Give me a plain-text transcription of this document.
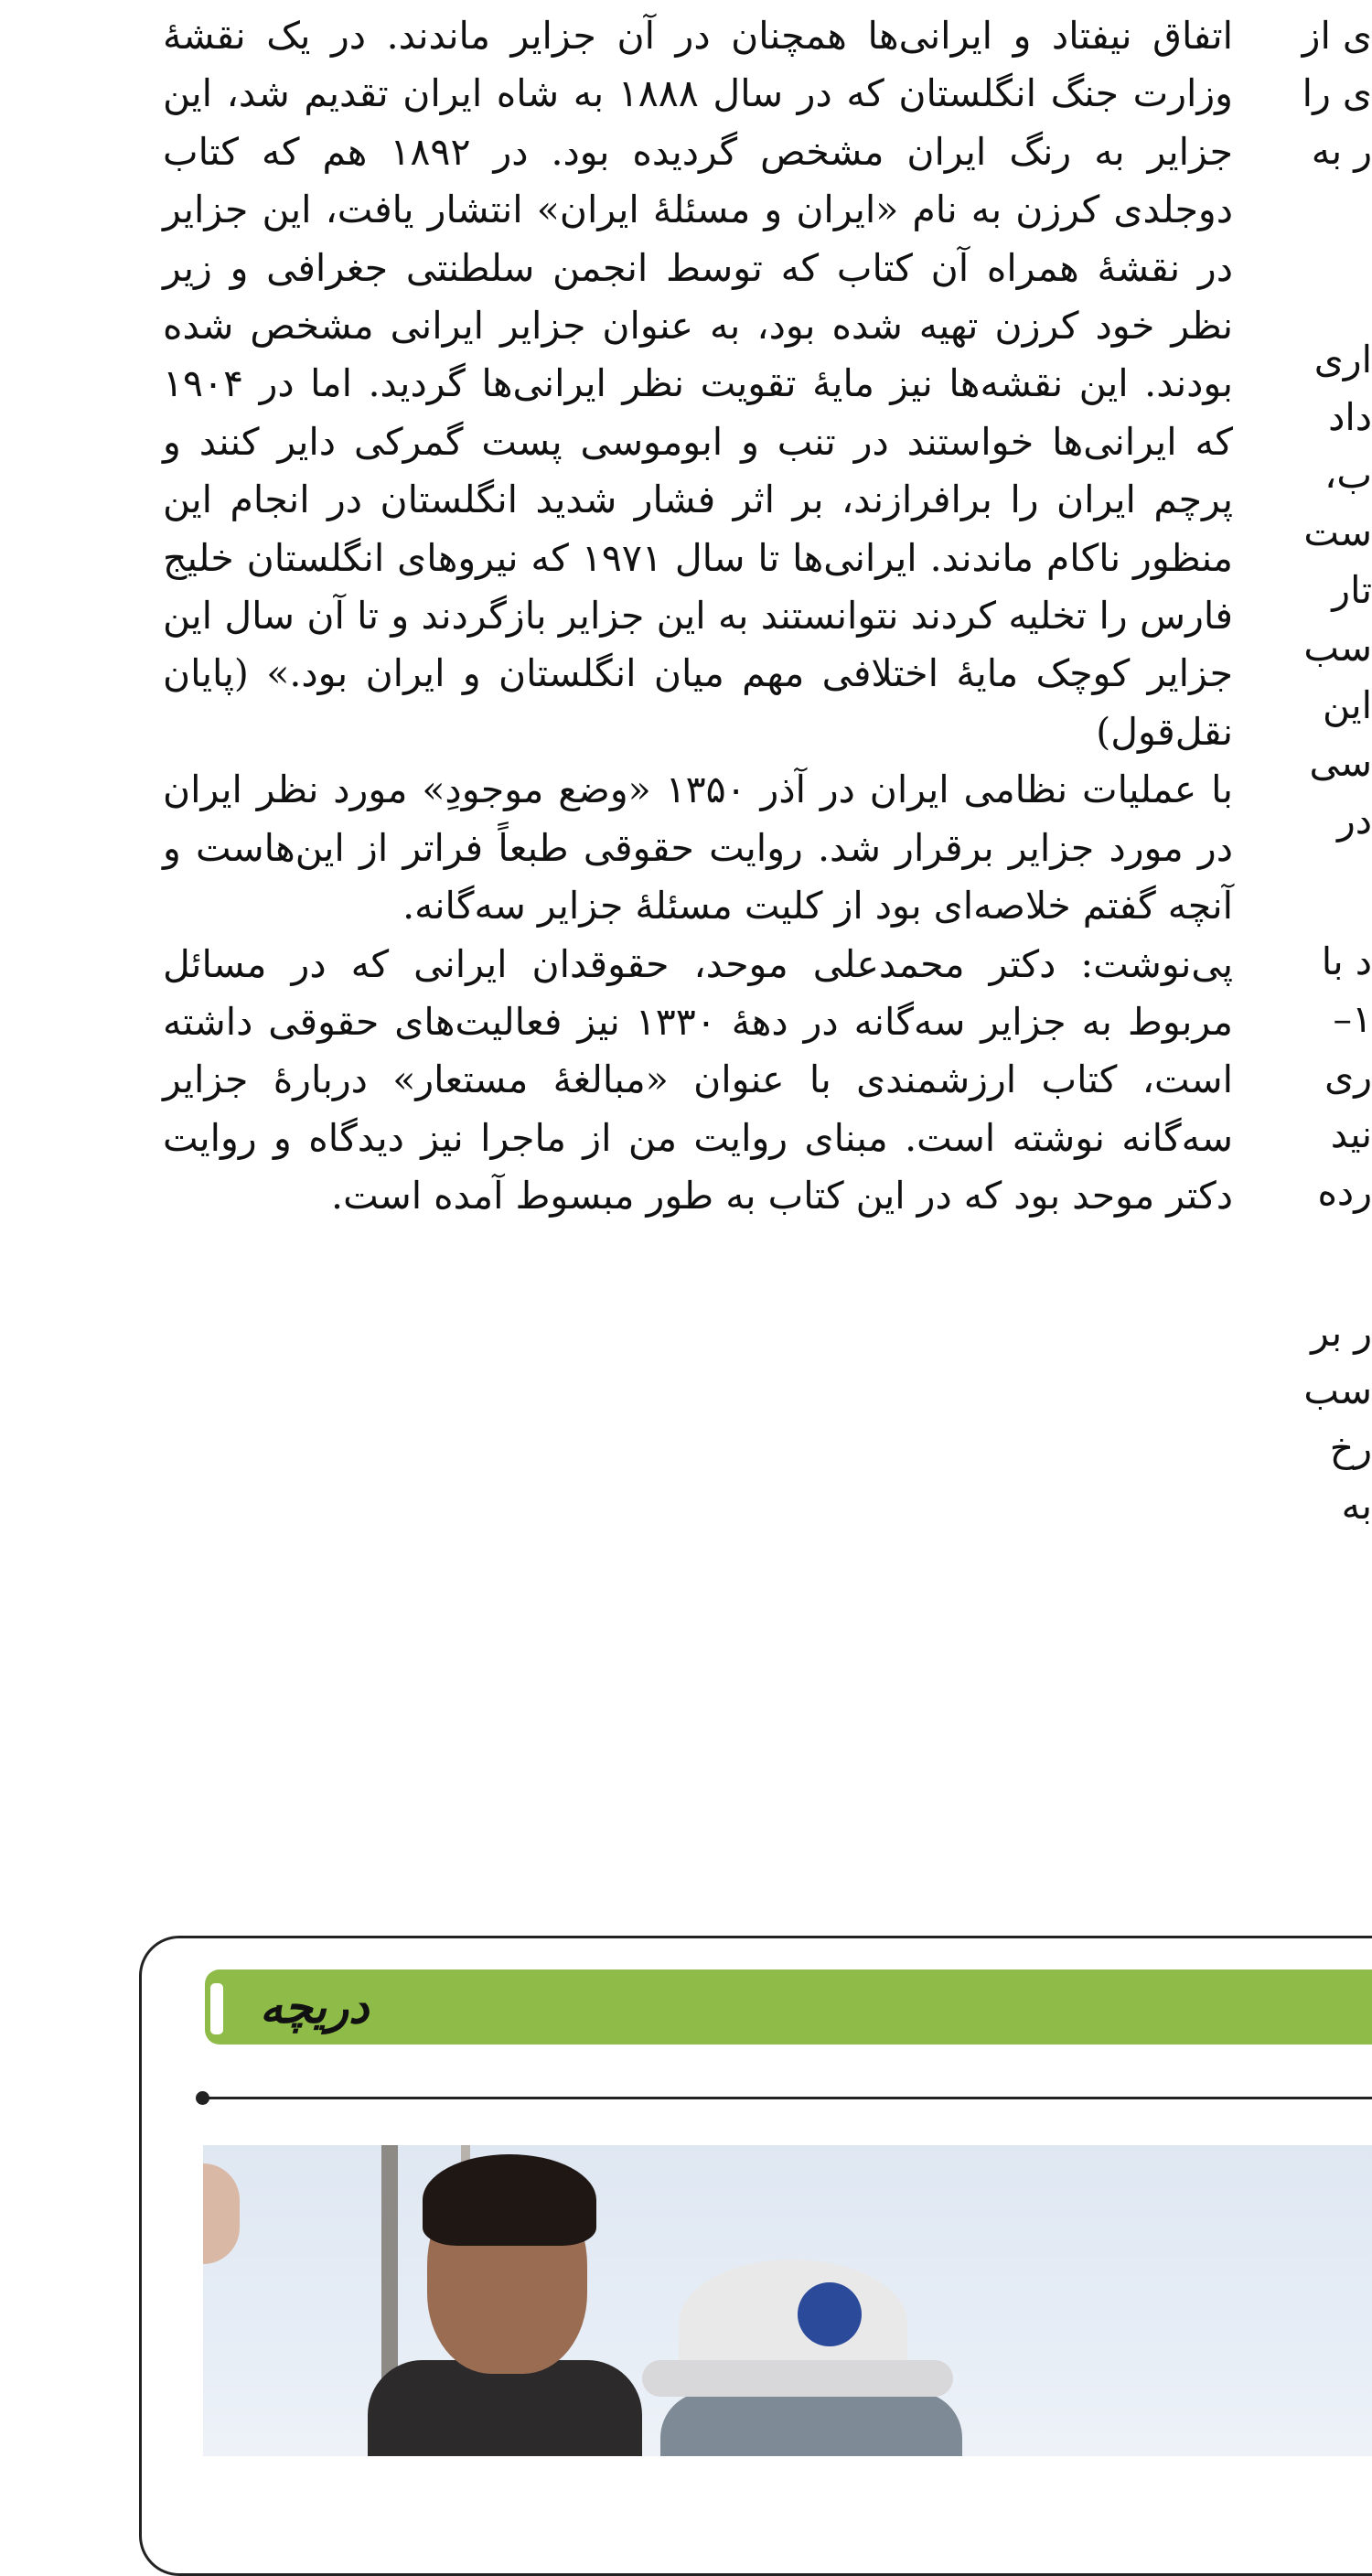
اتفاق نیفتاد و ایرانی‌ها همچنان در آن جزایر ماندند. در یک نقشهٔ وزارت جنگ انگلستان که در سال ۱۸۸۸ به شاه ایران تقدیم شد، این جزایر به رنگ ایران مشخص گردیده بود. در ۱۸۹۲ هم که کتاب دوجلدی کرزن به نام «ایران و مسئلهٔ ایران» انتشار یافت، این جزایر در نقشهٔ همراه آن کتاب که توسط انجمن سلطنتی جغرافی و زیر نظر خود کرزن تهیه شده بود، به عنوان جزایر ایرانی مشخص شده بودند. این نقشه‌ها نیز مایهٔ تقویت نظر ایرانی‌ها گردید. اما در ۱۹۰۴ که ایرانی‌ها خواستند در تنب و ابوموسی پست گمرکی دایر کنند و پرچم ایران را برافرازند، بر اثر فشار شدید انگلستان در انجام این منظور ناکام ماندند. ایرانی‌ها تا سال ۱۹۷۱ که نیروهای انگلستان خلیج فارس را تخلیه کردند نتوانستند به این جزایر بازگردند و تا آن سال این جزایر کوچک مایهٔ اختلافی مهم میان انگلستان و ایران بود.» (پایان نقل‌قول)

با عملیات نظامی ایران در آذر ۱۳۵۰ «وضع موجودِ» مورد نظر ایران در مورد جزایر برقرار شد. روایت حقوقی طبعاً فراتر از این‌هاست و آنچه گفتم خلاصه‌ای بود از کلیت مسئلهٔ جزایر سه‌گانه.

پی‌نوشت: دکتر محمدعلی موحد، حقوقدان ایرانی که در مسائل مربوط به جزایر سه‌گانه در دههٔ ۱۳۳۰ نیز فعالیت‌های حقوقی داشته است، کتاب ارزشمندی با عنوان «مبالغهٔ مستعار» دربارهٔ جزایر سه‌گانه نوشته است. مبنای روایت من از ماجرا نیز دیدگاه و روایت دکتر موحد بود که در این کتاب به طور مبسوط آمده است.

ی از
ی را
ر به
اری
داد
ب،
ست
تار
سب
این
سی
در
د با
۱–
ری
نید
رده
ر بر
سب
رخ
به
دریچه
